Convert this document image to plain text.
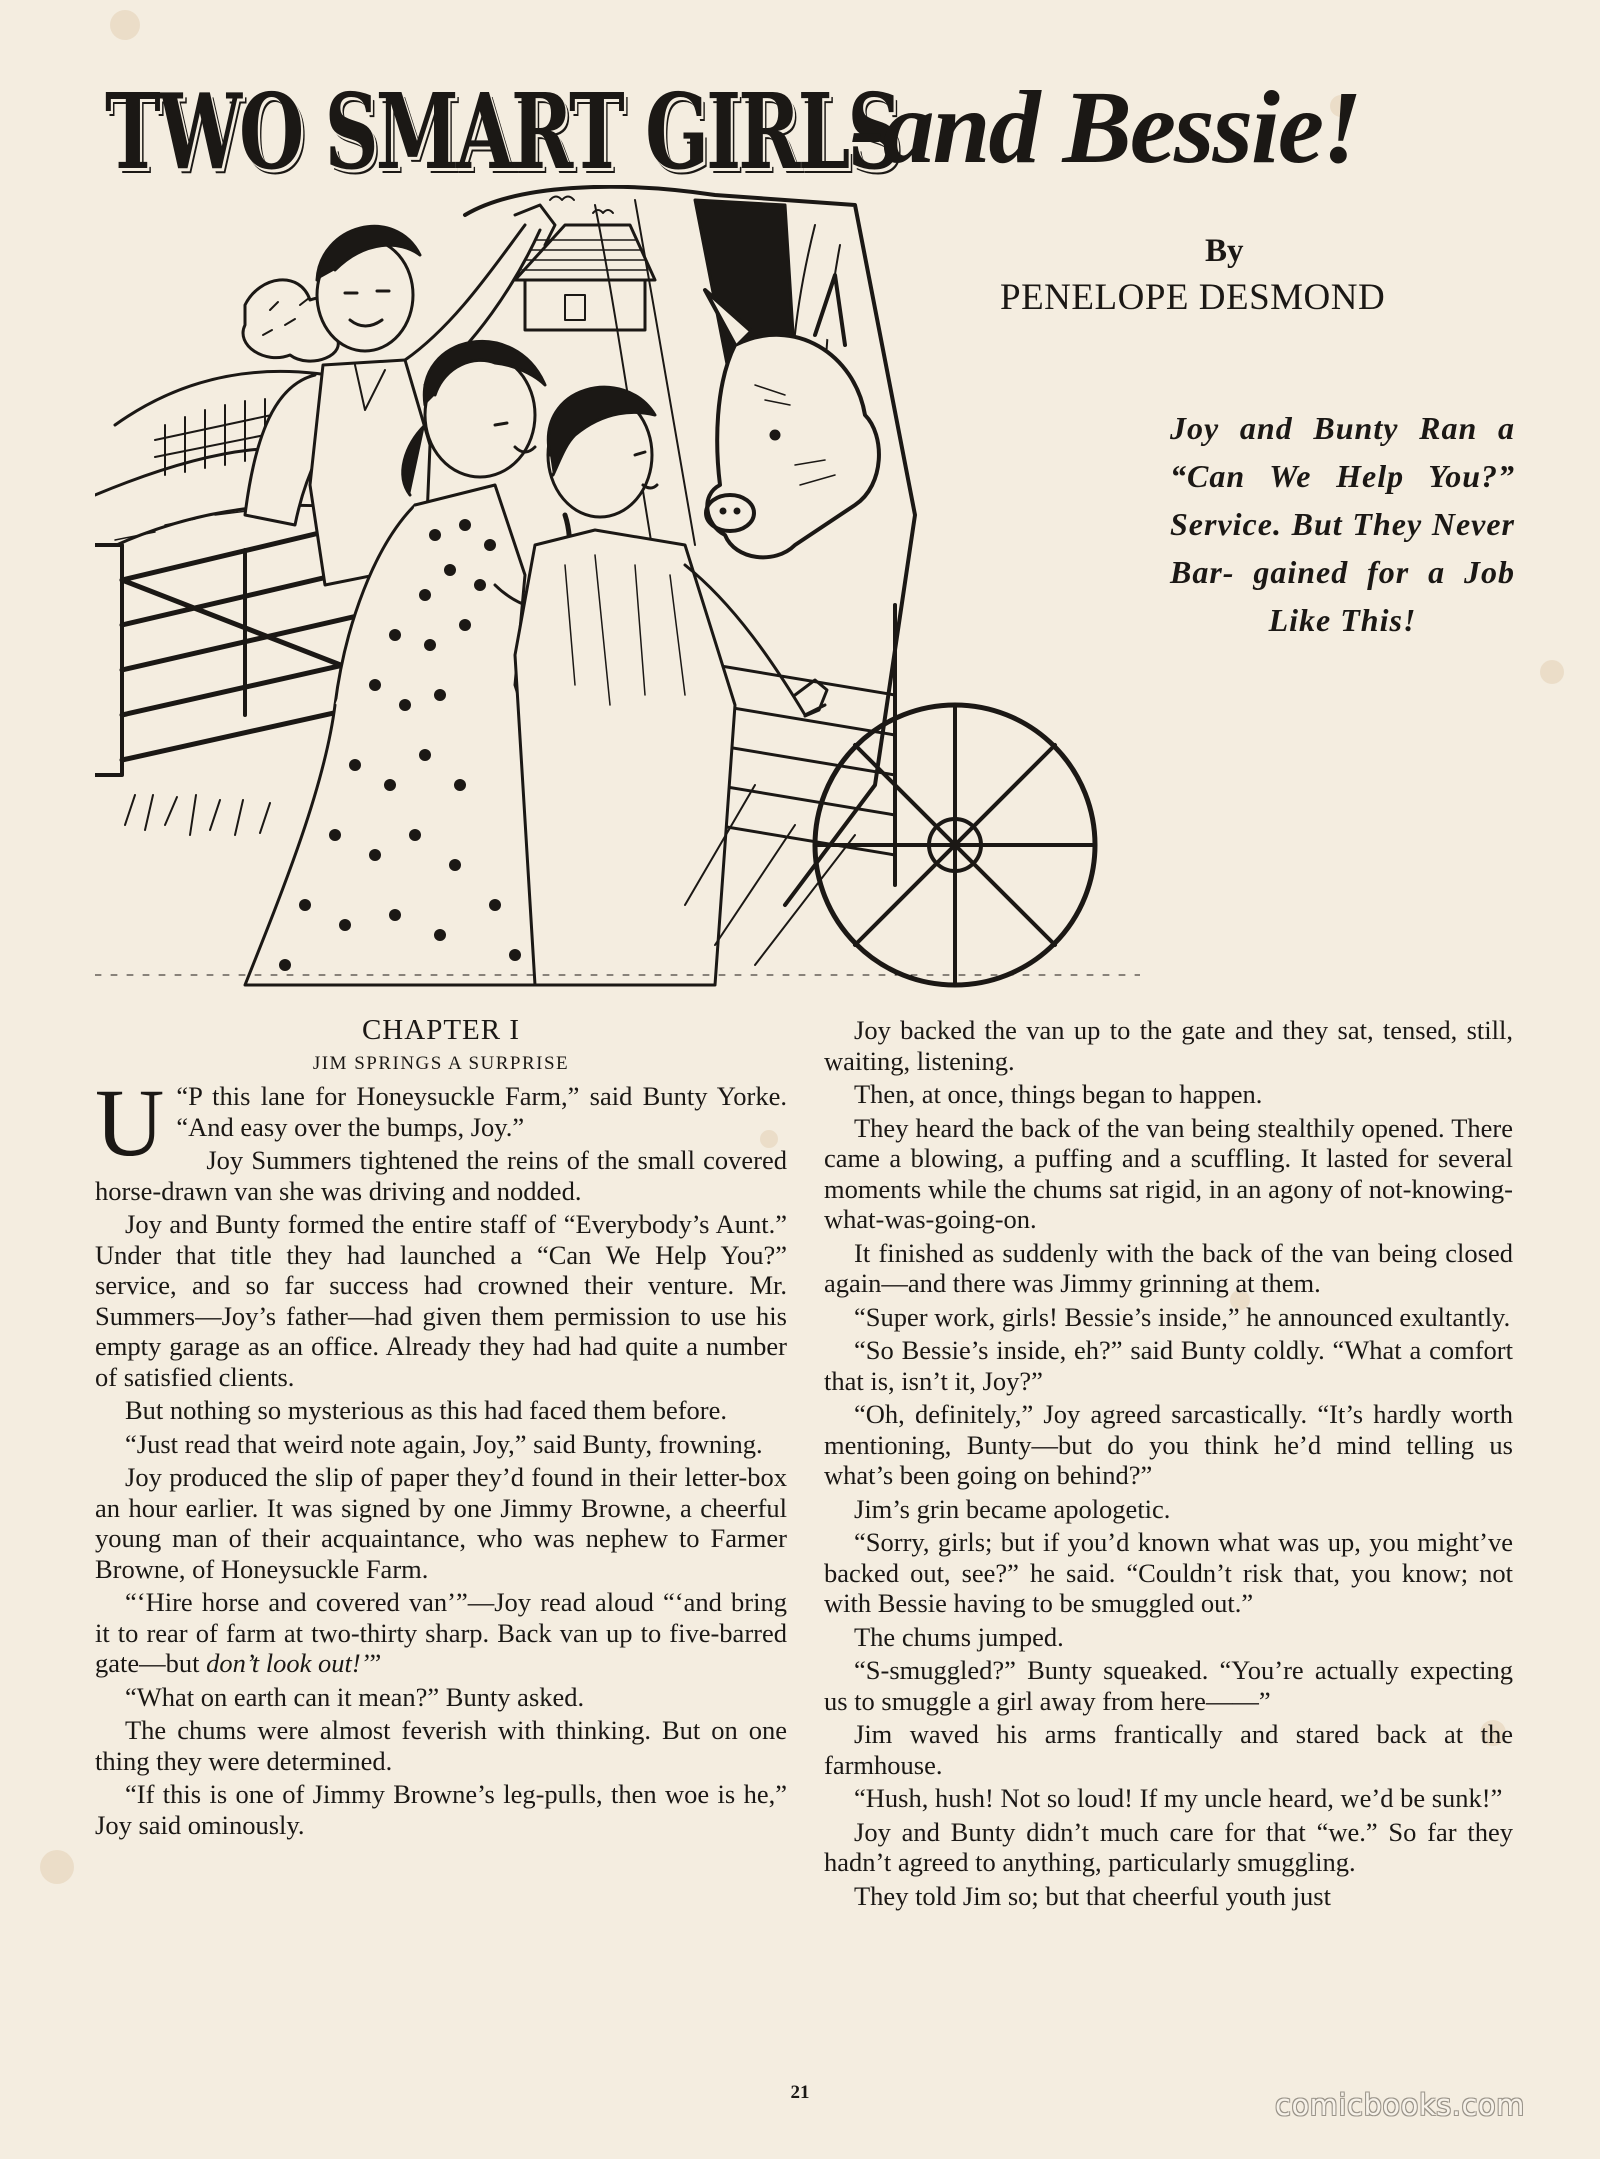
TWO SMART GIRLS
-and Bessie!
By
PENELOPE DESMOND
Joy and Bunty Ran a “Can We Help You?” Service. But They Never Bar- gained for a Job
Like This!
CHAPTER I
JIM SPRINGS A SURPRISE

“
U P this lane for Honeysuckle Farm,” said Bunty Yorke. “And easy over the bumps, Joy.”

Joy Summers tightened the reins of the small covered horse-drawn van she was driving and nodded.

Joy and Bunty formed the entire staff of “Everybody’s Aunt.” Under that title they had launched a “Can We Help You?” service, and so far success had crowned their venture. Mr. Summers—Joy’s father—had given them permission to use his empty garage as an office. Already they had had quite a number of satisfied clients.

But nothing so mysterious as this had faced them before.

“Just read that weird note again, Joy,” said Bunty, frowning.

Joy produced the slip of paper they’d found in their letter-box an hour earlier. It was signed by one Jimmy Browne, a cheerful young man of their acquaintance, who was nephew to Farmer Browne, of Honeysuckle Farm.

“‘Hire horse and covered van’”—Joy read aloud “‘and bring it to rear of farm at two-thirty sharp. Back van up to five-barred gate—but don’t look out!’”

“What on earth can it mean?” Bunty asked.

The chums were almost feverish with thinking. But on one thing they were determined.

“If this is one of Jimmy Browne’s leg-pulls, then woe is he,” Joy said ominously.

Joy backed the van up to the gate and they sat, tensed, still, waiting, listening.

Then, at once, things began to happen.

They heard the back of the van being stealthily opened. There came a blowing, a puffing and a scuffling. It lasted for several moments while the chums sat rigid, in an agony of not-knowing-what-was-going-on.

It finished as suddenly with the back of the van being closed again—and there was Jimmy grinning at them.

“Super work, girls! Bessie’s inside,” he announced exultantly.

“So Bessie’s inside, eh?” said Bunty coldly. “What a comfort that is, isn’t it, Joy?”

“Oh, definitely,” Joy agreed sarcastically. “It’s hardly worth mentioning, Bunty—but do you think he’d mind telling us what’s been going on behind?”

Jim’s grin became apologetic.

“Sorry, girls; but if you’d known what was up, you might’ve backed out, see?” he said. “Couldn’t risk that, you know; not with Bessie having to be smuggled out.”

The chums jumped.

“S-smuggled?” Bunty squeaked. “You’re actually expecting us to smuggle a girl away from here——”

Jim waved his arms frantically and stared back at the farmhouse.

“Hush, hush! Not so loud! If my uncle heard, we’d be sunk!”

Joy and Bunty didn’t much care for that “we.” So far they hadn’t agreed to anything, particularly smuggling.

They told Jim so; but that cheerful youth just

21	comicbooks.com
